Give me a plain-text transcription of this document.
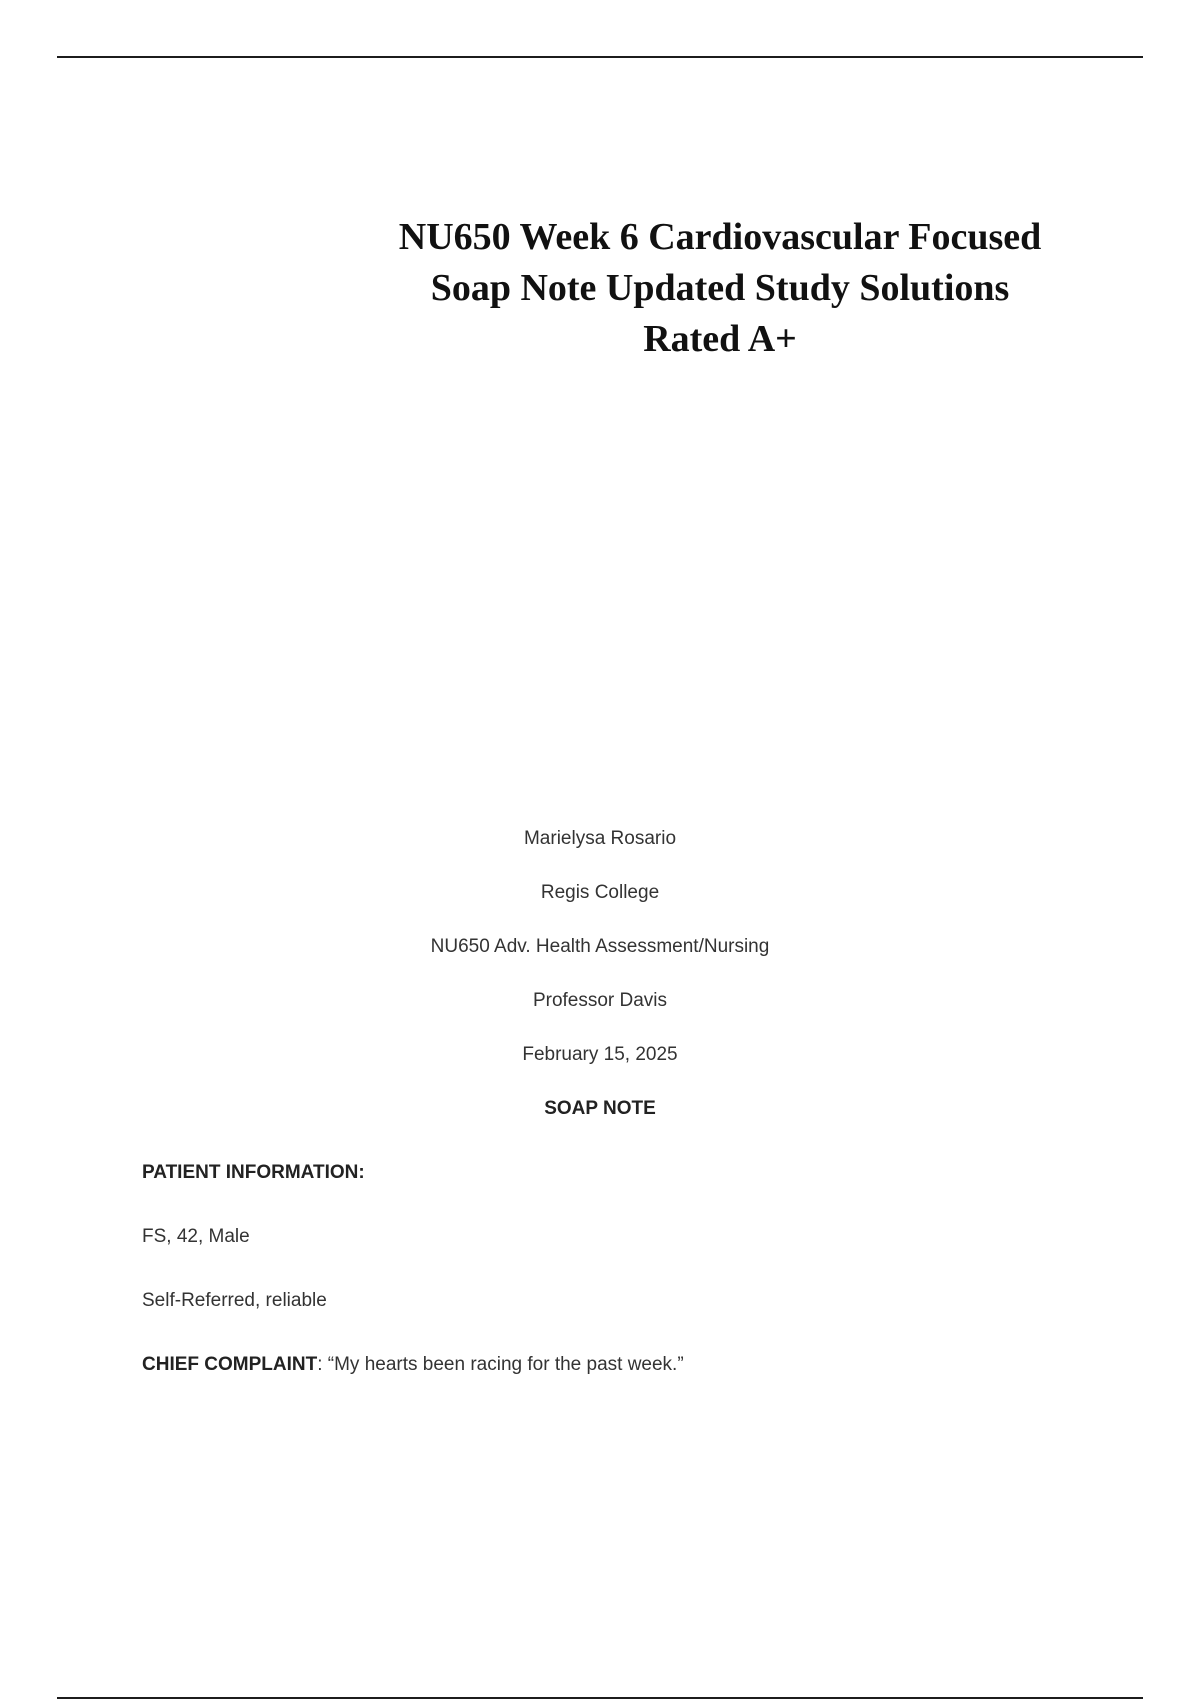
NU650 Week 6 Cardiovascular Focused
Soap Note Updated Study Solutions
Rated A+
Marielysa Rosario
Regis College
NU650 Adv. Health Assessment/Nursing
Professor Davis
February 15, 2025
SOAP NOTE
PATIENT INFORMATION:
FS, 42, Male
Self-Referred, reliable
CHIEF COMPLAINT: “My hearts been racing for the past week.”
